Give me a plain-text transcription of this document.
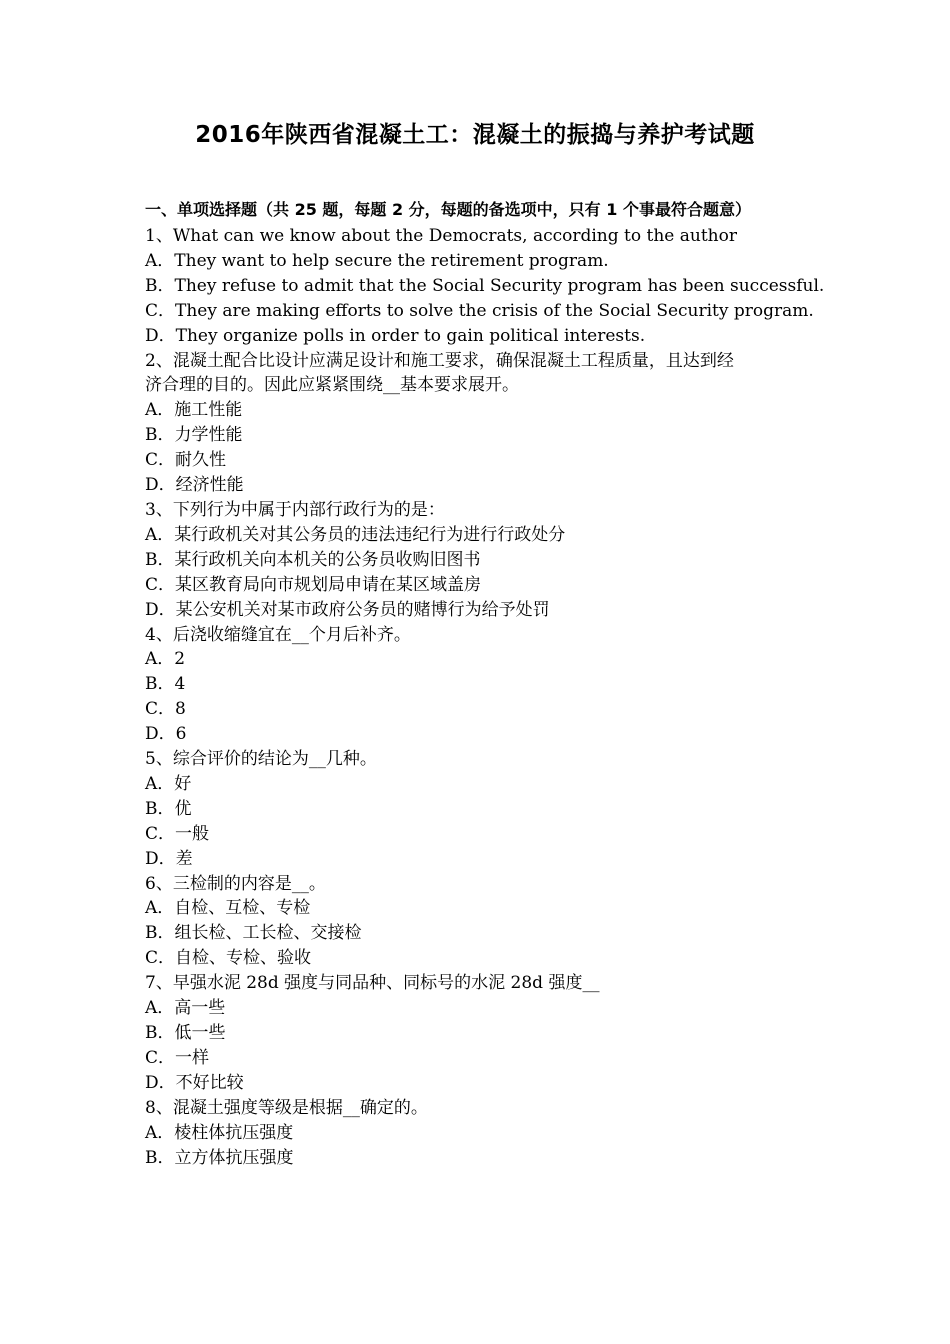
2016年陕西省混凝土工：混凝土的振捣与养护考试题
一、单项选择题（共 25 题，每题 2 分，每题的备选项中，只有 1 个事最符合题意）
1、What can we know about the Democrats, according to the author
A．They want to help secure the retirement program.
B．They refuse to admit that the Social Security program has been successful.
C．They are making efforts to solve the crisis of the Social Security program.
D．They organize polls in order to gain political interests.
2、混凝土配合比设计应满足设计和施工要求，确保混凝土工程质量，且达到经
济合理的目的。因此应紧紧围绕__基本要求展开。
A．施工性能
B．力学性能
C．耐久性
D．经济性能
3、下列行为中属于内部行政行为的是：
A．某行政机关对其公务员的违法违纪行为进行行政处分
B．某行政机关向本机关的公务员收购旧图书
C．某区教育局向市规划局申请在某区域盖房
D．某公安机关对某市政府公务员的赌博行为给予处罚
4、后浇收缩缝宜在__个月后补齐。
A．2
B．4
C．8
D．6
5、综合评价的结论为__几种。
A．好
B．优
C．一般
D．差
6、三检制的内容是__。
A．自检、互检、专检
B．组长检、工长检、交接检
C．自检、专检、验收
7、早强水泥 28d 强度与同品种、同标号的水泥 28d 强度__
A．高一些
B．低一些
C．一样
D．不好比较
8、混凝土强度等级是根据__确定的。
A．棱柱体抗压强度
B．立方体抗压强度
